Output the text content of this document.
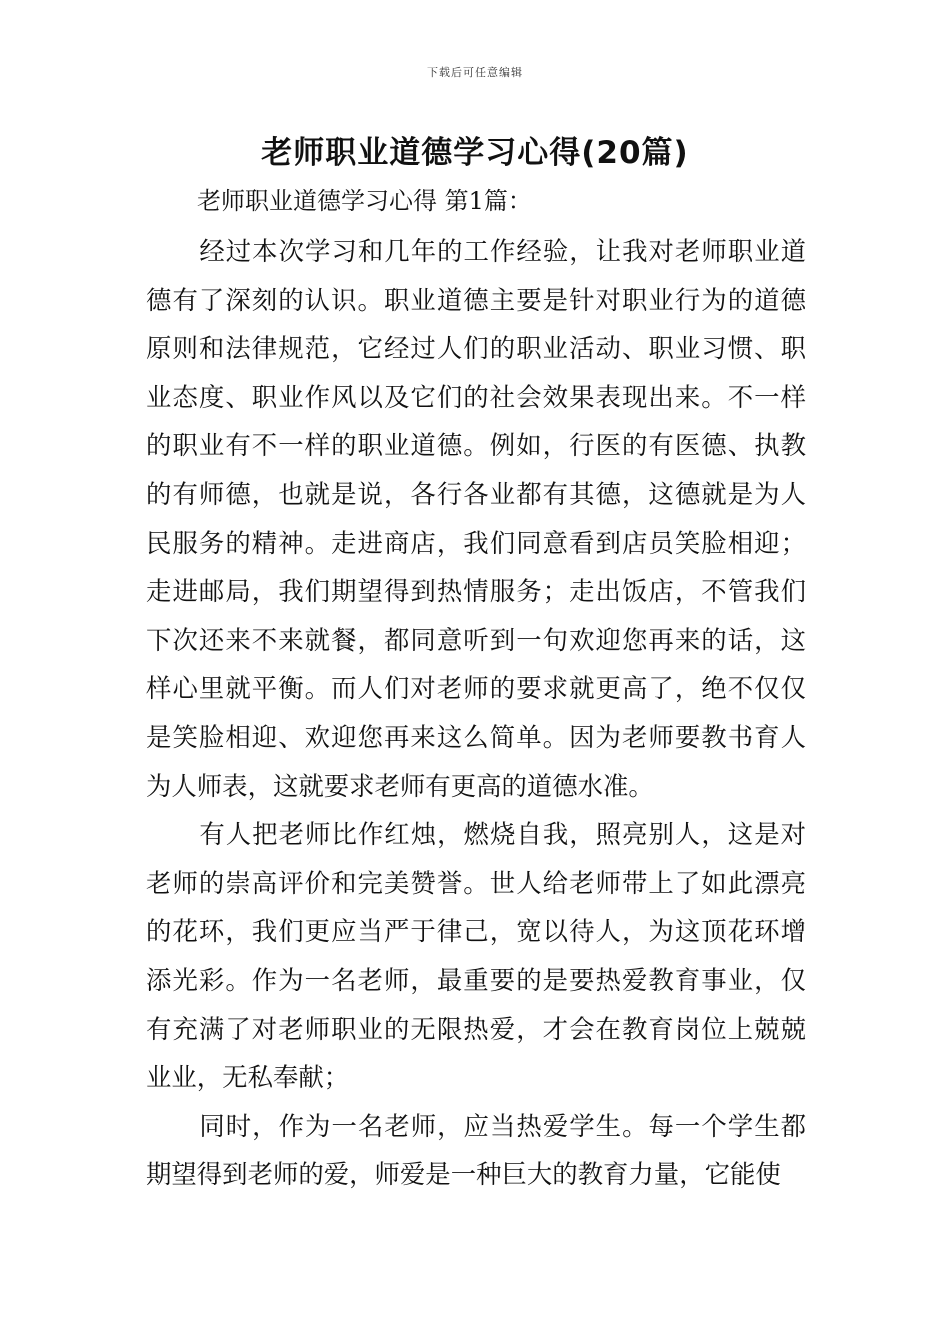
下载后可任意编辑
老师职业道德学习心得(20篇)
老师职业道德学习心得 第1篇：

经过本次学习和几年的工作经验，让我对老师职业道德有了深刻的认识。职业道德主要是针对职业行为的道德原则和法律规范，它经过人们的职业活动、职业习惯、职业态度、职业作风以及它们的社会效果表现出来。不一样的职业有不一样的职业道德。例如，行医的有医德、执教的有师德，也就是说，各行各业都有其德，这德就是为人民服务的精神。走进商店，我们同意看到店员笑脸相迎；走进邮局，我们期望得到热情服务；走出饭店，不管我们下次还来不来就餐，都同意听到一句欢迎您再来的话，这样心里就平衡。而人们对老师的要求就更高了，绝不仅仅是笑脸相迎、欢迎您再来这么简单。因为老师要教书育人为人师表，这就要求老师有更高的道德水准。

有人把老师比作红烛，燃烧自我，照亮别人，这是对老师的崇高评价和完美赞誉。世人给老师带上了如此漂亮的花环，我们更应当严于律己，宽以待人，为这顶花环增添光彩。作为一名老师，最重要的是要热爱教育事业，仅有充满了对老师职业的无限热爱，才会在教育岗位上兢兢业业，无私奉献；

同时，作为一名老师，应当热爱学生。每一个学生都期望得到老师的爱，师爱是一种巨大的教育力量，它能使
